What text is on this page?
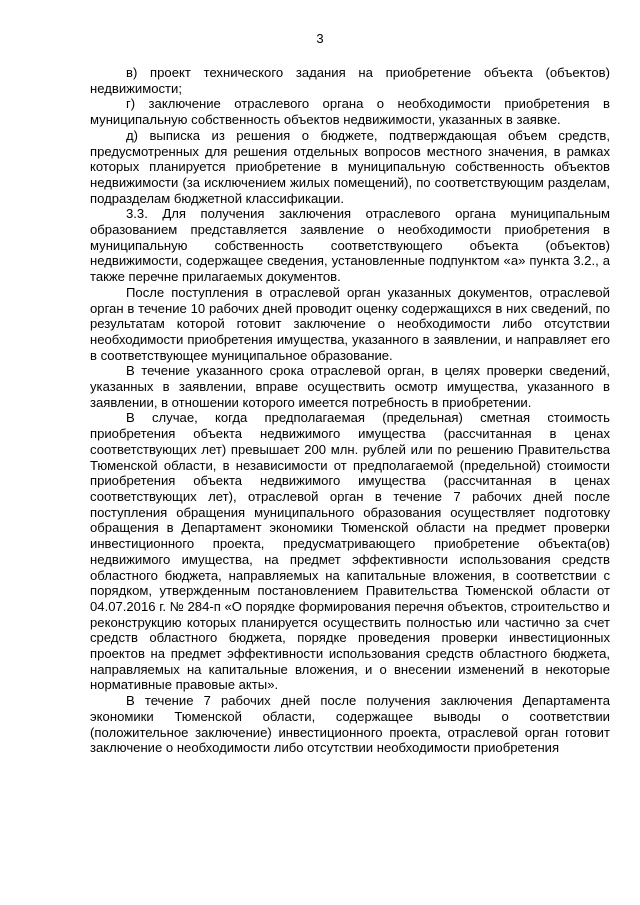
3

в) проект технического задания на приобретение объекта (объектов) недвижимости;

г) заключение отраслевого органа о необходимости приобретения в муниципальную собственность объектов недвижимости, указанных в заявке.

д) выписка из решения о бюджете, подтверждающая объем средств, предусмотренных для решения отдельных вопросов местного значения, в рамках которых планируется приобретение в муниципальную собственность объектов недвижимости (за исключением жилых помещений), по соответствующим разделам, подразделам бюджетной классификации.

3.3. Для получения заключения отраслевого органа муниципальным образованием представляется заявление о необходимости приобретения в муниципальную собственность соответствующего объекта (объектов) недвижимости, содержащее сведения, установленные подпунктом «а» пункта 3.2., а также перечне прилагаемых документов.

После поступления в отраслевой орган указанных документов, отраслевой орган в течение 10 рабочих дней проводит оценку содержащихся в них сведений, по результатам которой готовит заключение о необходимости либо отсутствии необходимости приобретения имущества, указанного в заявлении, и направляет его в соответствующее муниципальное образование.

В течение указанного срока отраслевой орган, в целях проверки сведений, указанных в заявлении, вправе осуществить осмотр имущества, указанного в заявлении, в отношении которого имеется потребность в приобретении.

В случае, когда предполагаемая (предельная) сметная стоимость приобретения объекта недвижимого имущества (рассчитанная в ценах соответствующих лет) превышает 200 млн. рублей или по решению Правительства Тюменской области, в независимости от предполагаемой (предельной) стоимости приобретения объекта недвижимого имущества (рассчитанная в ценах соответствующих лет), отраслевой орган в течение 7 рабочих дней после поступления обращения муниципального образования осуществляет подготовку обращения в Департамент экономики Тюменской области на предмет проверки инвестиционного проекта, предусматривающего приобретение объекта(ов) недвижимого имущества, на предмет эффективности использования средств областного бюджета, направляемых на капитальные вложения, в соответствии с порядком, утвержденным постановлением Правительства Тюменской области от 04.07.2016 г. № 284-п «О порядке формирования перечня объектов, строительство и реконструкцию которых планируется осуществить полностью или частично за счет средств областного бюджета, порядке проведения проверки инвестиционных проектов на предмет эффективности использования средств областного бюджета, направляемых на капитальные вложения, и о внесении изменений в некоторые нормативные правовые акты».

В течение 7 рабочих дней после получения заключения Департамента экономики Тюменской области, содержащее выводы о соответствии (положительное заключение) инвестиционного проекта, отраслевой орган готовит заключение о необходимости либо отсутствии необходимости приобретения
